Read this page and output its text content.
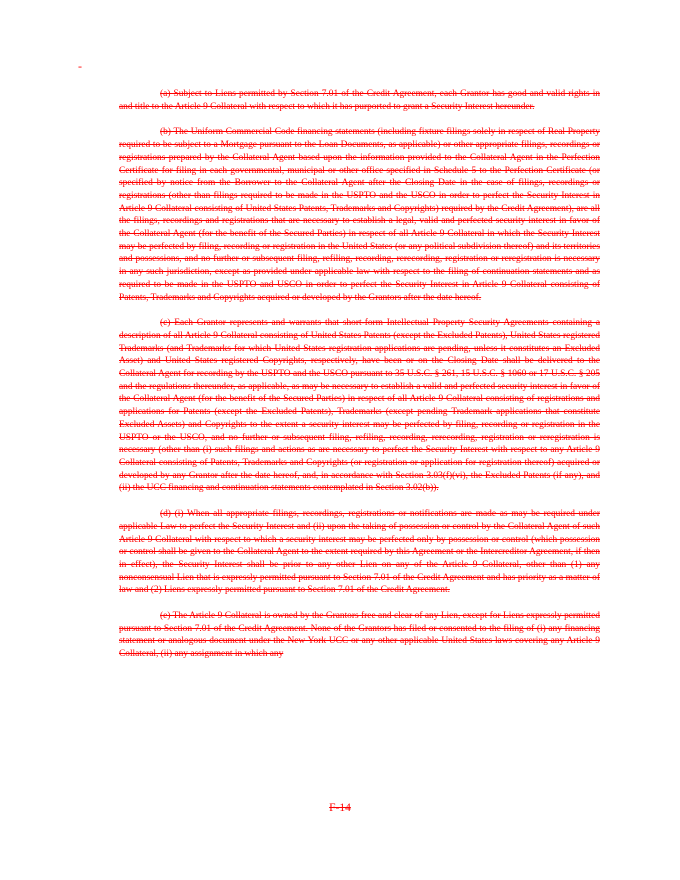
-

(a) Subject to Liens permitted by Section 7.01 of the Credit Agreement, each Grantor has good and valid rights in and title to the Article 9 Collateral with respect to which it has purported to grant a Security Interest hereunder.

(b) The Uniform Commercial Code financing statements (including fixture filings solely in respect of Real Property required to be subject to a Mortgage pursuant to the Loan Documents, as applicable) or other appropriate filings, recordings or registrations prepared by the Collateral Agent based upon the information provided to the Collateral Agent in the Perfection Certificate for filing in each governmental, municipal or other office specified in Schedule 5 to the Perfection Certificate (or specified by notice from the Borrower to the Collateral Agent after the Closing Date in the case of filings, recordings or registrations (other than filings required to be made in the USPTO and the USCO in order to perfect the Security Interest in Article 9 Collateral consisting of United States Patents, Trademarks and Copyrights) required by the Credit Agreement), are all the filings, recordings and registrations that are necessary to establish a legal, valid and perfected security interest in favor of the Collateral Agent (for the benefit of the Secured Parties) in respect of all Article 9 Collateral in which the Security Interest may be perfected by filing, recording or registration in the United States (or any political subdivision thereof) and its territories and possessions, and no further or subsequent filing, refiling, recording, rerecording, registration or reregistration is necessary in any such jurisdiction, except as provided under applicable law with respect to the filing of continuation statements and as required to be made in the USPTO and USCO in order to perfect the Security Interest in Article 9 Collateral consisting of Patents, Trademarks and Copyrights acquired or developed by the Grantors after the date hereof.

(c) Each Grantor represents and warrants that short-form Intellectual Property Security Agreements containing a description of all Article 9 Collateral consisting of United States Patents (except the Excluded Patents), United States registered Trademarks (and Trademarks for which United States registration applications are pending, unless it constitutes an Excluded Asset) and United States registered Copyrights, respectively, have been or on the Closing Date shall be delivered to the Collateral Agent for recording by the USPTO and the USCO pursuant to 35 U.S.C. § 261, 15 U.S.C. § 1060 or 17 U.S.C. § 205 and the regulations thereunder, as applicable, as may be necessary to establish a valid and perfected security interest in favor of the Collateral Agent (for the benefit of the Secured Parties) in respect of all Article 9 Collateral consisting of registrations and applications for Patents (except the Excluded Patents), Trademarks (except pending Trademark applications that constitute Excluded Assets) and Copyrights to the extent a security interest may be perfected by filing, recording or registration in the USPTO or the USCO, and no further or subsequent filing, refiling, recording, rerecording, registration or reregistration is necessary (other than (i) such filings and actions as are necessary to perfect the Security Interest with respect to any Article 9 Collateral consisting of Patents, Trademarks and Copyrights (or registration or application for registration thereof) acquired or developed by any Grantor after the date hereof, and, in accordance with Section 3.03(f)(vi), the Excluded Patents (if any), and (ii) the UCC financing and continuation statements contemplated in Section 3.02(b)).

(d) (i) When all appropriate filings, recordings, registrations or notifications are made as may be required under applicable Law to perfect the Security Interest and (ii) upon the taking of possession or control by the Collateral Agent of such Article 9 Collateral with respect to which a security interest may be perfected only by possession or control (which possession or control shall be given to the Collateral Agent to the extent required by this Agreement or the Intercreditor Agreement, if then in effect), the Security Interest shall be prior to any other Lien on any of the Article 9 Collateral, other than (1) any nonconsensual Lien that is expressly permitted pursuant to Section 7.01 of the Credit Agreement and has priority as a matter of law and (2) Liens expressly permitted pursuant to Section 7.01 of the Credit Agreement.

(e) The Article 9 Collateral is owned by the Grantors free and clear of any Lien, except for Liens expressly permitted pursuant to Section 7.01 of the Credit Agreement. None of the Grantors has filed or consented to the filing of (i) any financing statement or analogous document under the New York UCC or any other applicable United States laws covering any Article 9 Collateral, (ii) any assignment in which any

F-14
